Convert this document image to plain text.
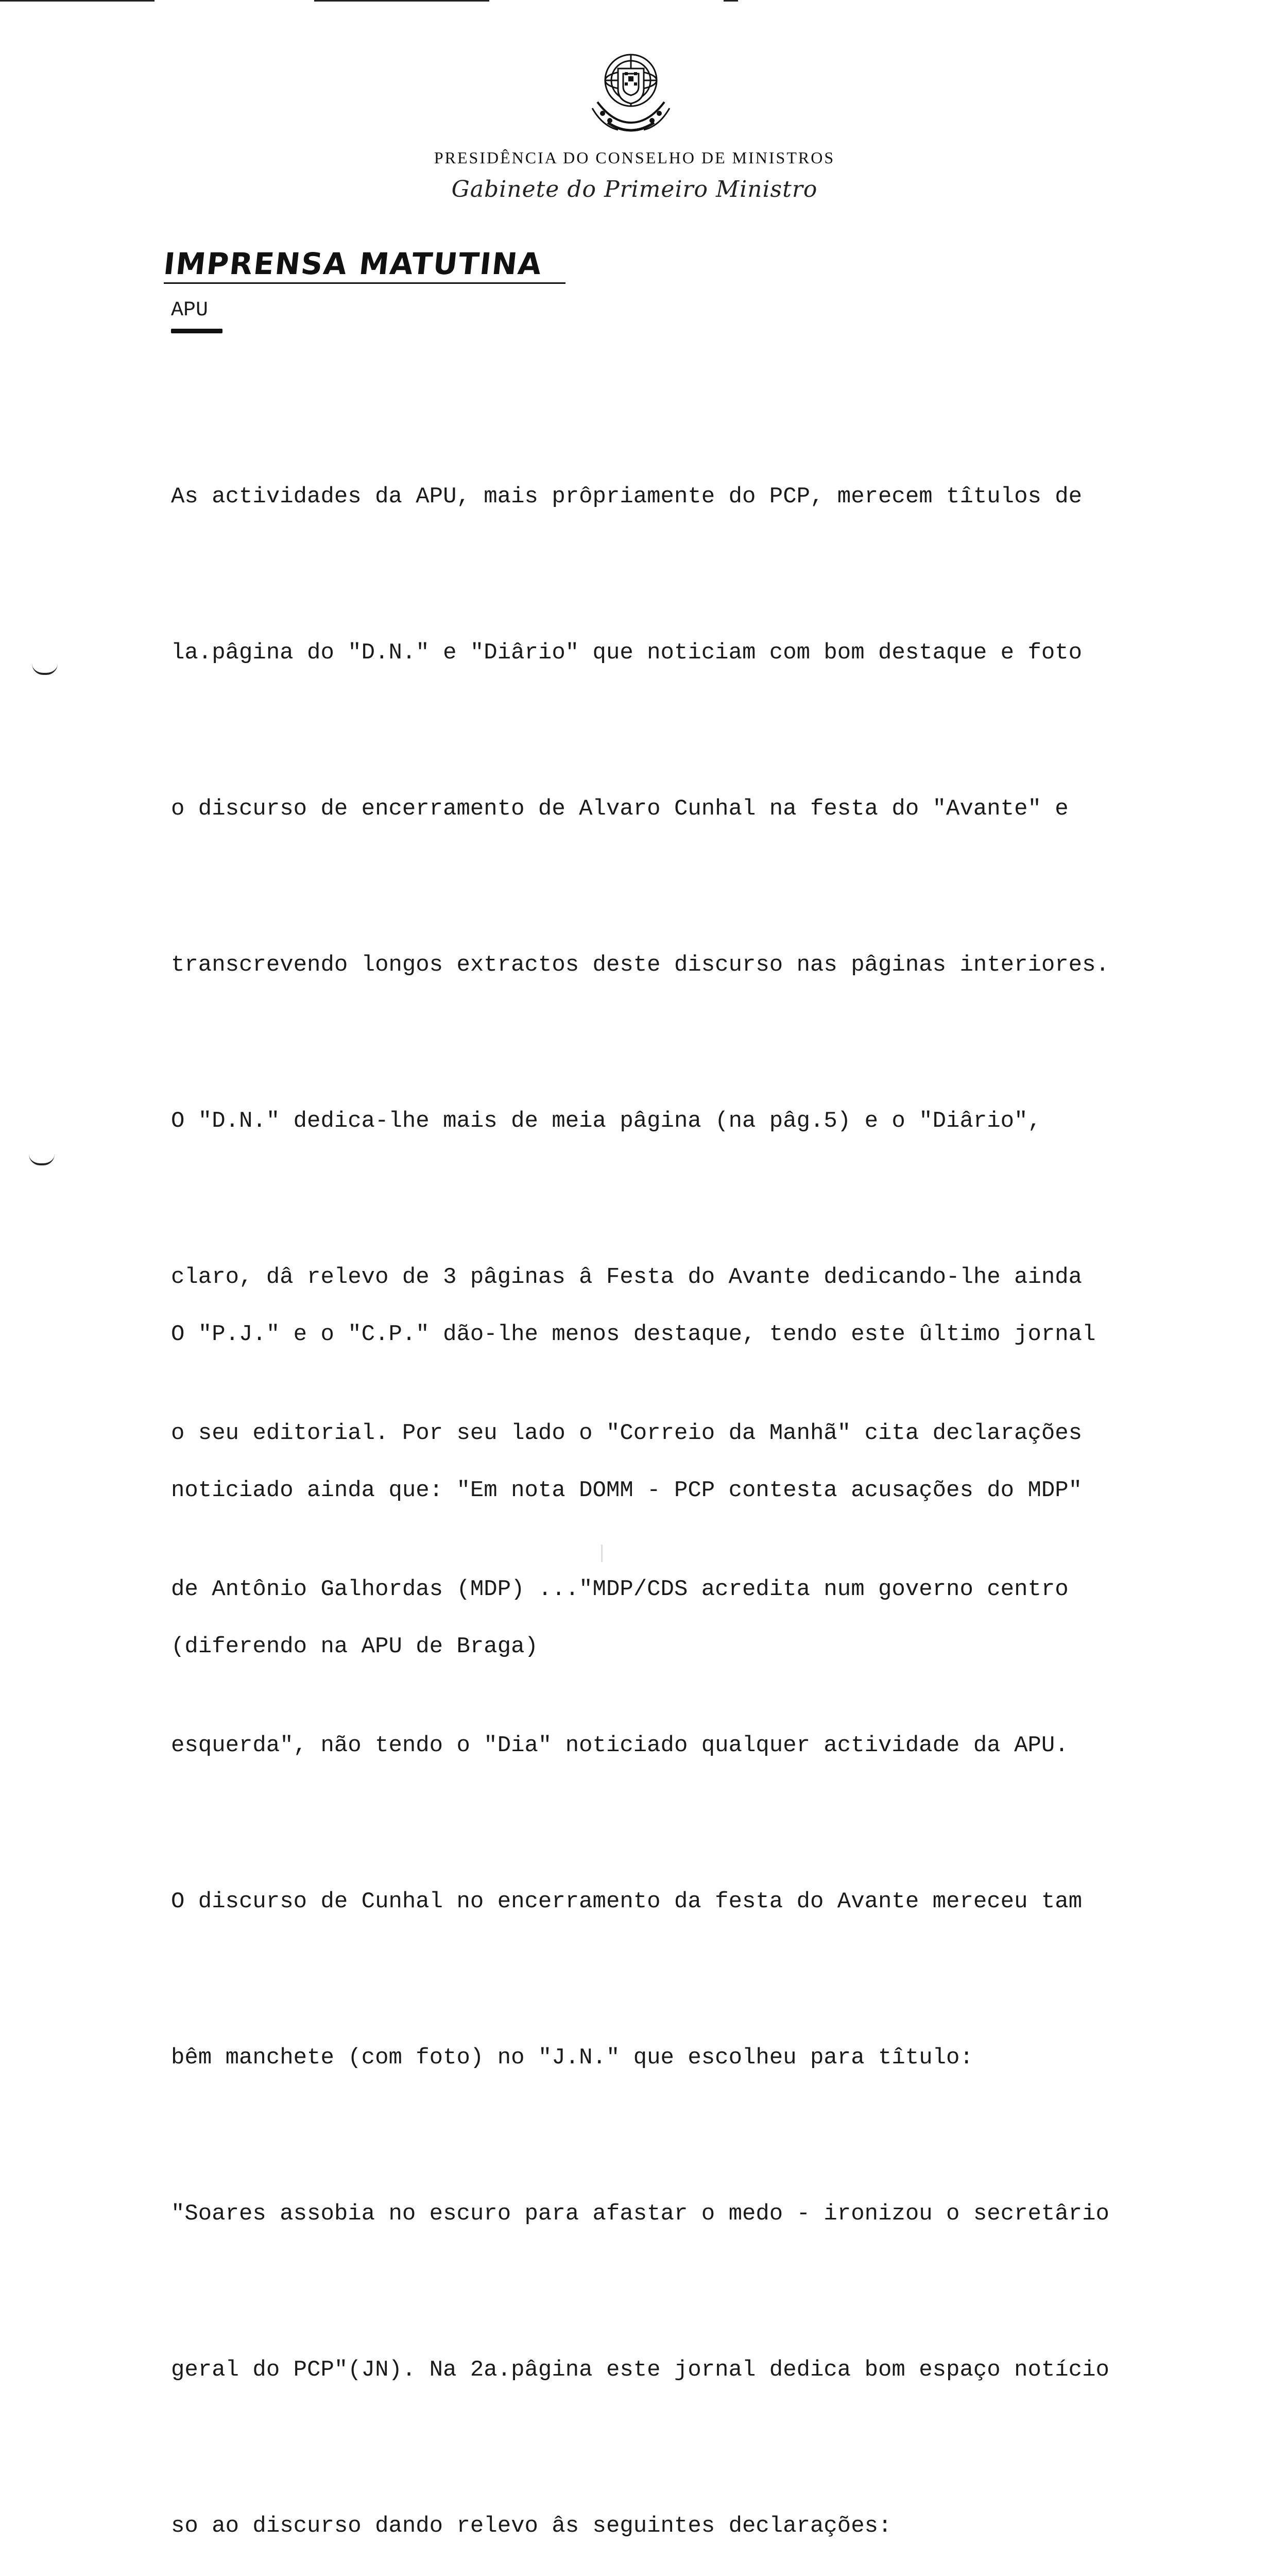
PRESIDÊNCIA DO CONSELHO DE MINISTROS
Gabinete do Primeiro Ministro
IMPRENSA MATUTINA
APU

As actividades da APU, mais prôpriamente do PCP, merecem tîtulos de

la.pâgina do "D.N." e "Diârio" que noticiam com bom destaque e foto

o discurso de encerramento de Alvaro Cunhal na festa do "Avante" e

transcrevendo longos extractos deste discurso nas pâginas interiores.

O "D.N." dedica-lhe mais de meia pâgina (na pâg.5) e o "Diârio",

claro, dâ relevo de 3 pâginas â Festa do Avante dedicando-lhe ainda

o seu editorial. Por seu lado o "Correio da Manhã" cita declarações

de Antônio Galhordas (MDP) ..."MDP/CDS acredita num governo centro

esquerda", não tendo o "Dia" noticiado qualquer actividade da APU.

O discurso de Cunhal no encerramento da festa do Avante mereceu tam

bêm manchete (com foto) no "J.N." que escolheu para tîtulo:

"Soares assobia no escuro para afastar o medo - ironizou o secretârio

geral do PCP"(JN). Na 2a.pâgina este jornal dedica bom espaço notício

so ao discurso dando relevo âs seguintes declarações:

O "P.J." e o "C.P." dão-lhe menos destaque, tendo este ûltimo jornal

noticiado ainda que: "Em nota DOMM - PCP contesta acusações do MDP"

(diferendo na APU de Braga)
